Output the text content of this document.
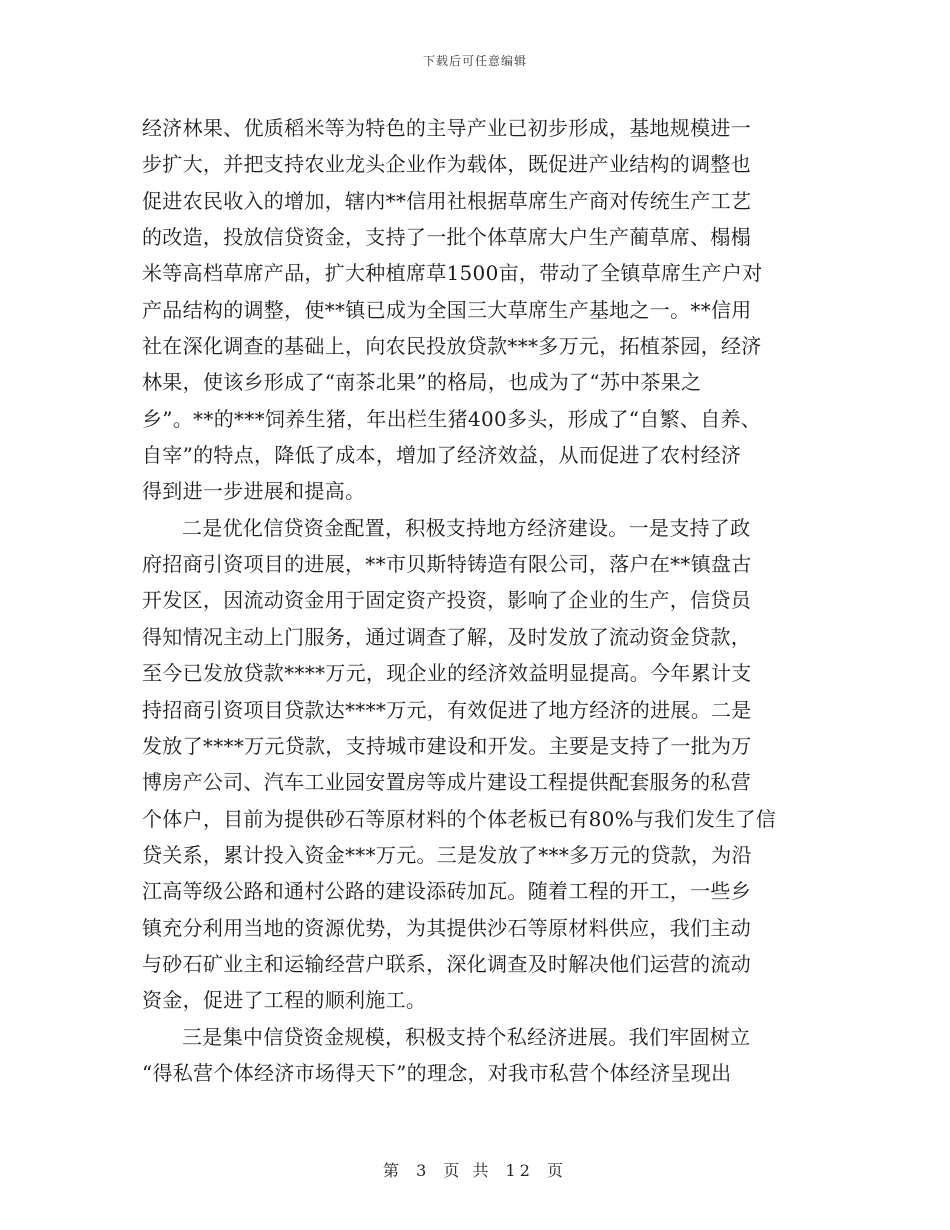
下载后可任意编辑
经济林果、优质稻米等为特色的主导产业已初步形成，基地规模进一
步扩大，并把支持农业龙头企业作为载体，既促进产业结构的调整也
促进农民收入的增加，辖内**信用社根据草席生产商对传统生产工艺
的改造，投放信贷资金，支持了一批个体草席大户生产蔺草席、榻榻
米等高档草席产品，扩大种植席草1500亩，带动了全镇草席生产户对
产品结构的调整，使**镇已成为全国三大草席生产基地之一。**信用
社在深化调查的基础上，向农民投放贷款***多万元，拓植茶园，经济
林果，使该乡形成了“南茶北果”的格局，也成为了“苏中茶果之
乡”。**的***饲养生猪，年出栏生猪400多头，形成了“自繁、自养、
自宰”的特点，降低了成本，增加了经济效益，从而促进了农村经济
得到进一步进展和提高。
二是优化信贷资金配置，积极支持地方经济建设。一是支持了政
府招商引资项目的进展，**市贝斯特铸造有限公司，落户在**镇盘古
开发区，因流动资金用于固定资产投资，影响了企业的生产，信贷员
得知情况主动上门服务，通过调查了解，及时发放了流动资金贷款，
至今已发放贷款****万元，现企业的经济效益明显提高。今年累计支
持招商引资项目贷款达****万元，有效促进了地方经济的进展。二是
发放了****万元贷款，支持城市建设和开发。主要是支持了一批为万
博房产公司、汽车工业园安置房等成片建设工程提供配套服务的私营
个体户，目前为提供砂石等原材料的个体老板已有80%与我们发生了信
贷关系，累计投入资金***万元。三是发放了***多万元的贷款，为沿
江高等级公路和通村公路的建设添砖加瓦。随着工程的开工，一些乡
镇充分利用当地的资源优势，为其提供沙石等原材料供应，我们主动
与砂石矿业主和运输经营户联系，深化调查及时解决他们运营的流动
资金，促进了工程的顺利施工。
三是集中信贷资金规模，积极支持个私经济进展。我们牢固树立
“得私营个体经济市场得天下”的理念，对我市私营个体经济呈现出
第 3 页 共 12 页
